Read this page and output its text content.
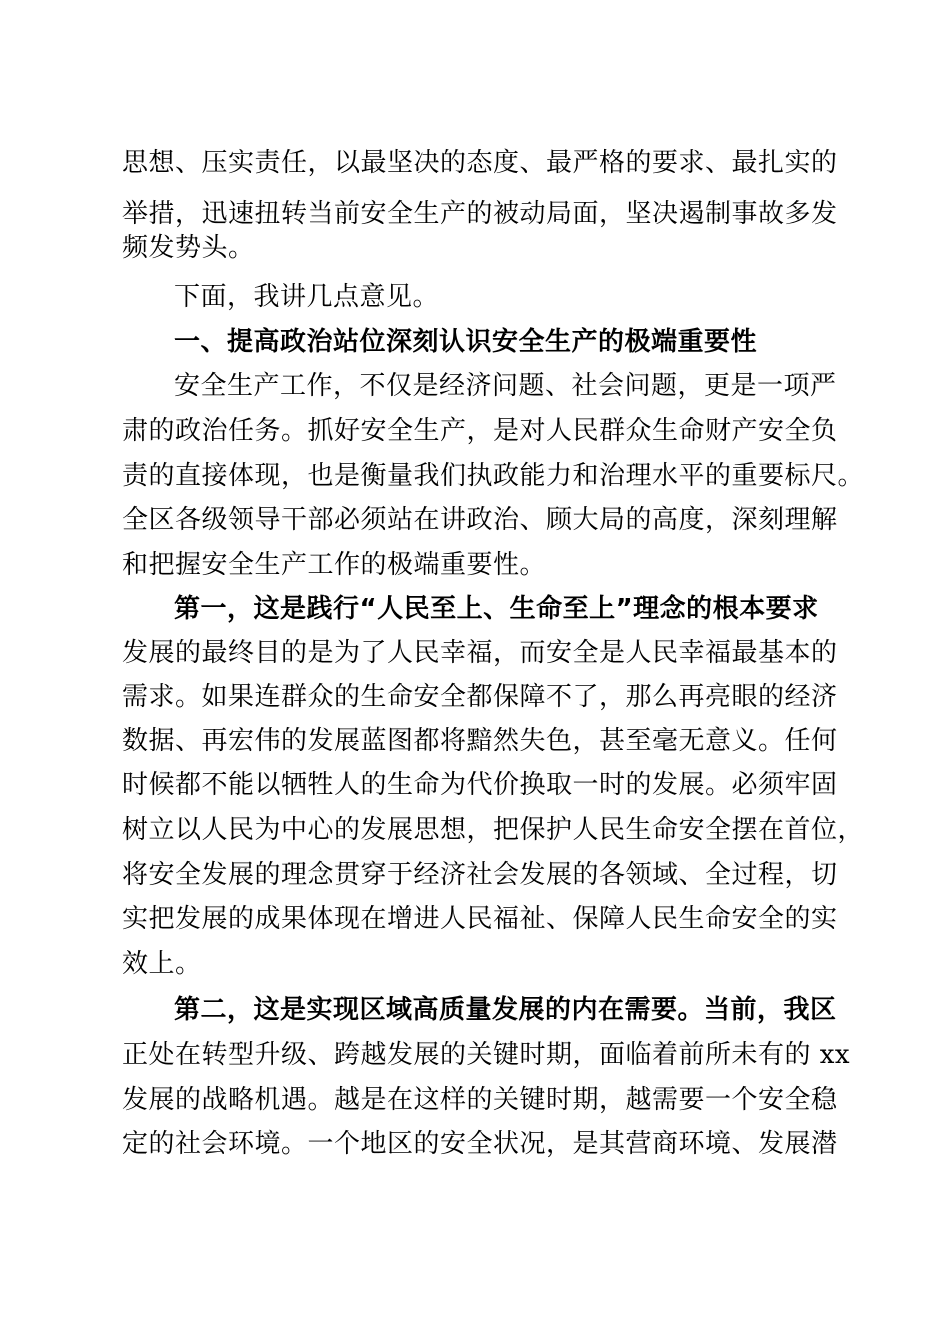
思想、压实责任，以最坚决的态度、最严格的要求、最扎实的
举措，迅速扭转当前安全生产的被动局面，坚决遏制事故多发
频发势头。
下面，我讲几点意见。
一、提高政治站位深刻认识安全生产的极端重要性
安全生产工作，不仅是经济问题、社会问题，更是一项严
肃的政治任务。抓好安全生产，是对人民群众生命财产安全负
责的直接体现，也是衡量我们执政能力和治理水平的重要标尺。
全区各级领导干部必须站在讲政治、顾大局的高度，深刻理解
和把握安全生产工作的极端重要性。
第一，这是践行“人民至上、生命至上”理念的根本要求
发展的最终目的是为了人民幸福，而安全是人民幸福最基本的
需求。如果连群众的生命安全都保障不了，那么再亮眼的经济
数据、再宏伟的发展蓝图都将黯然失色，甚至毫无意义。任何
时候都不能以牺牲人的生命为代价换取一时的发展。必须牢固
树立以人民为中心的发展思想，把保护人民生命安全摆在首位，
将安全发展的理念贯穿于经济社会发展的各领域、全过程，切
实把发展的成果体现在增进人民福祉、保障人民生命安全的实
效上。
第二，这是实现区域高质量发展的内在需要。当前，我区
正处在转型升级、跨越发展的关键时期，面临着前所未有的 xx
发展的战略机遇。越是在这样的关键时期，越需要一个安全稳
定的社会环境。一个地区的安全状况，是其营商环境、发展潜
